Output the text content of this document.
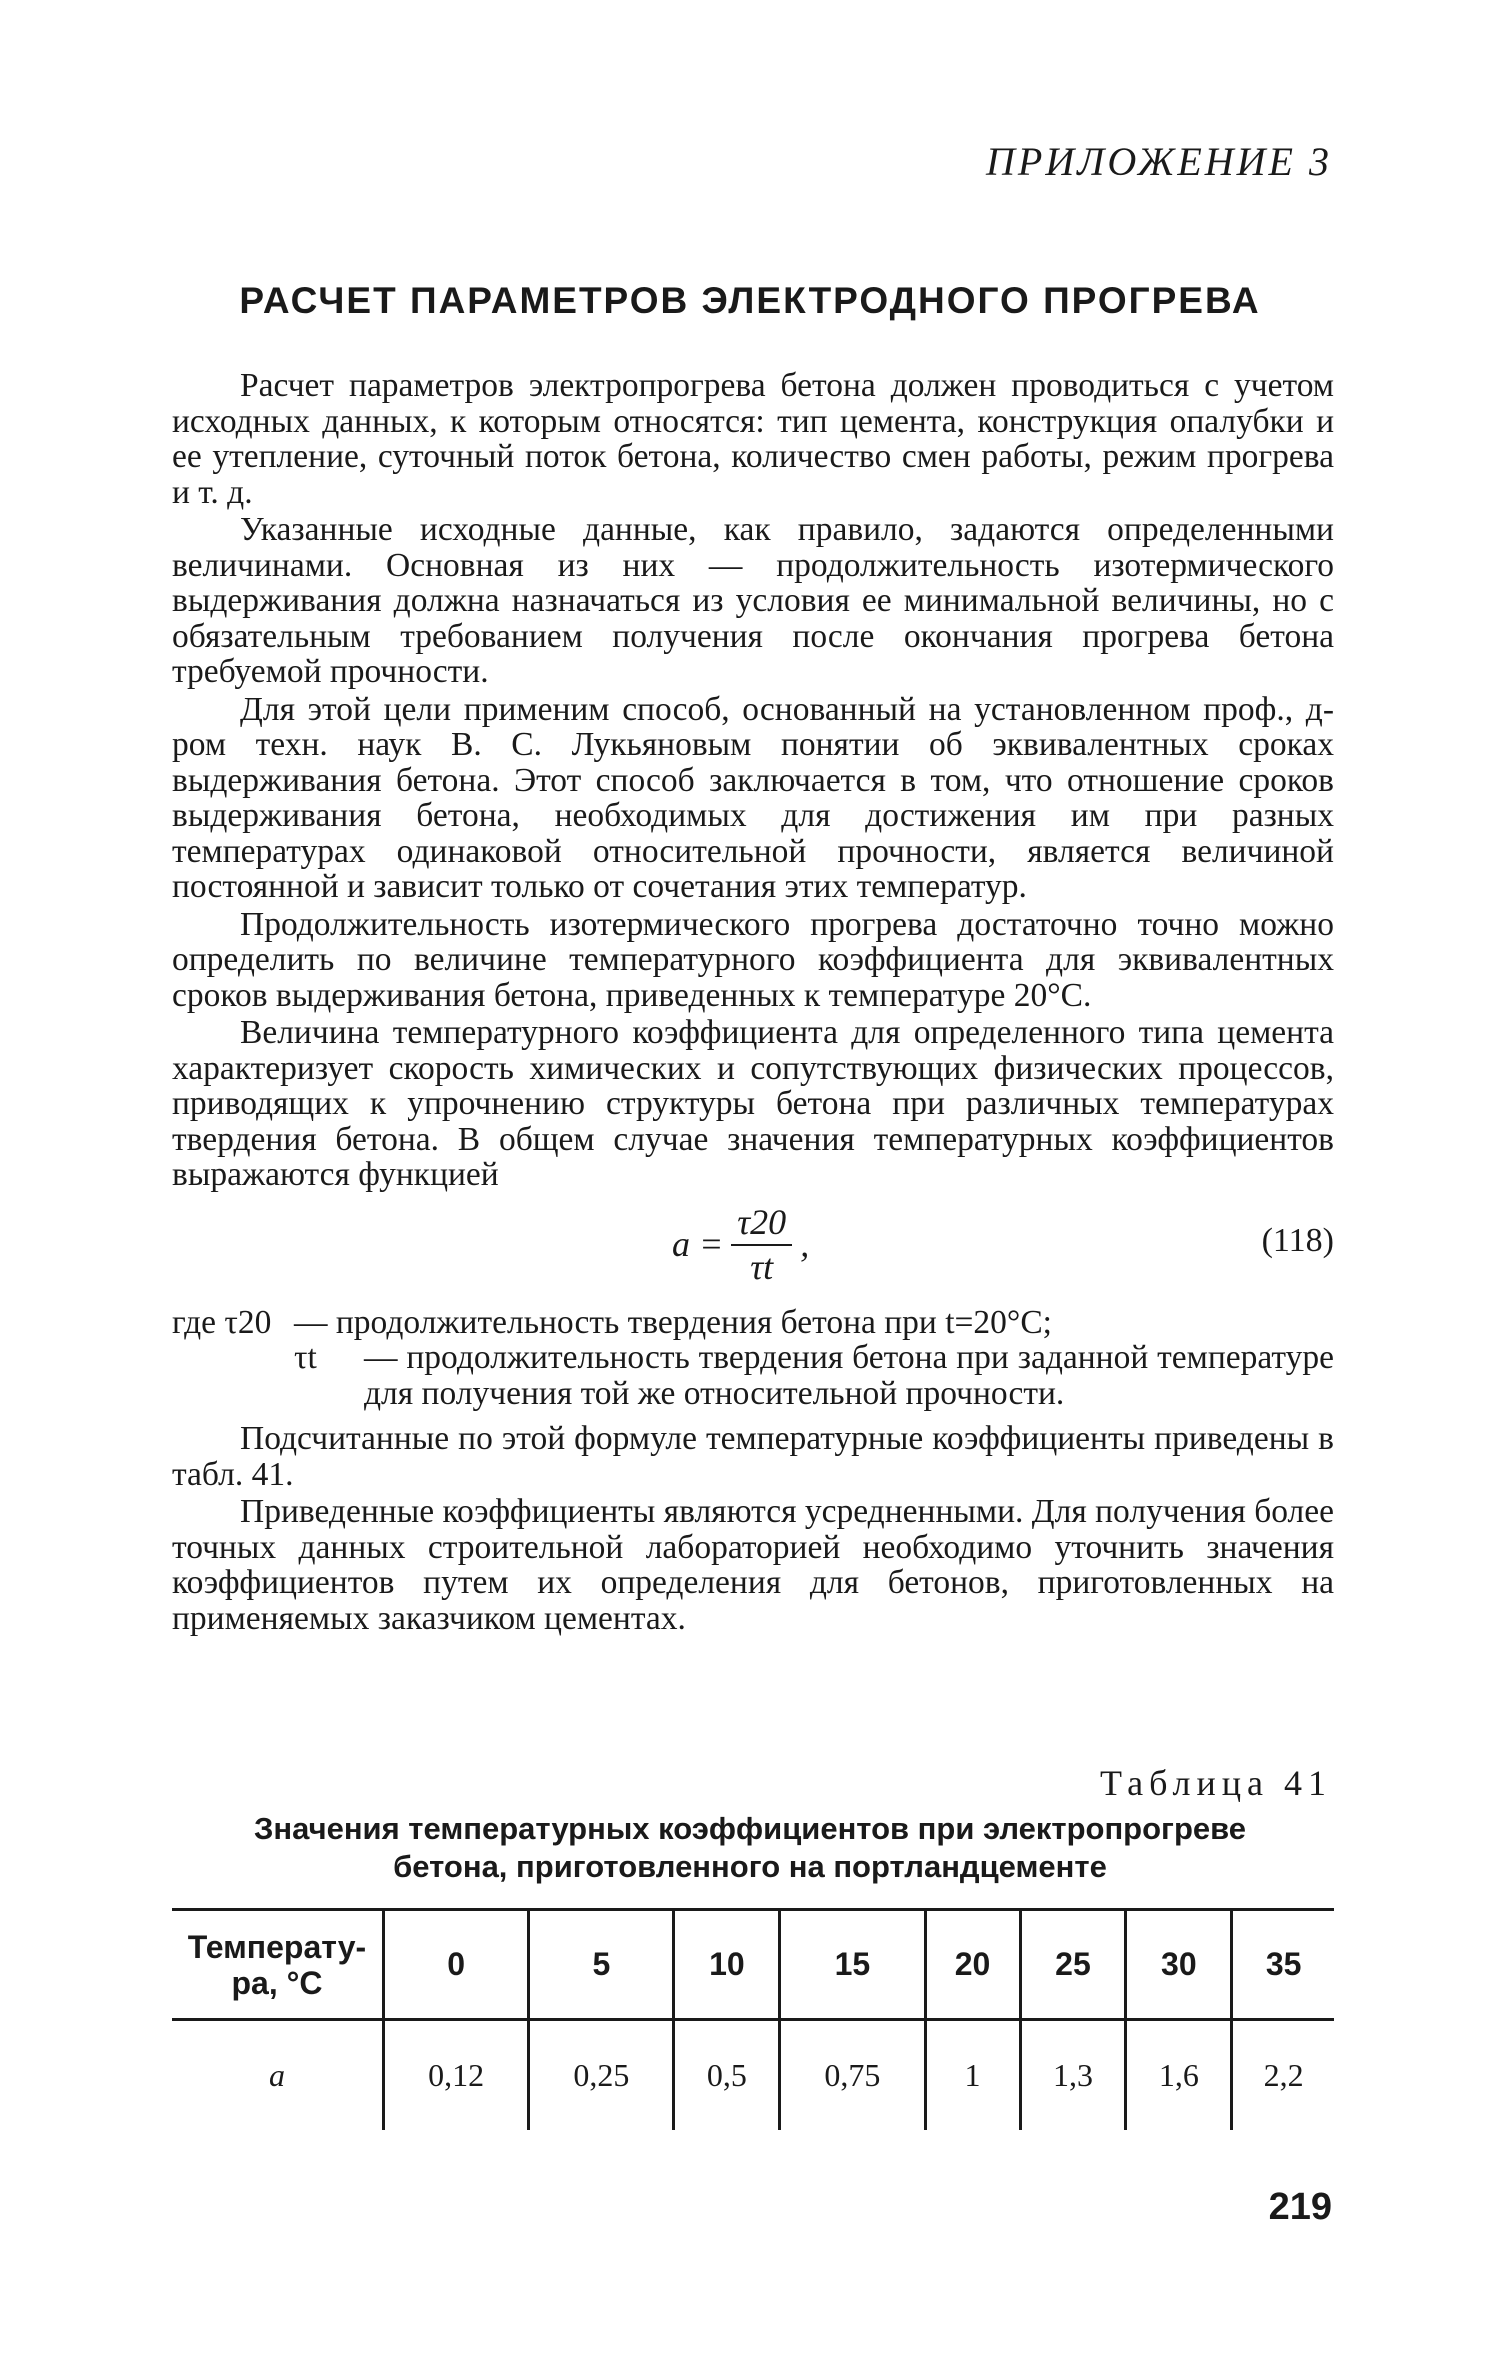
ПРИЛОЖЕНИЕ 3
РАСЧЕТ ПАРАМЕТРОВ ЭЛЕКТРОДНОГО ПРОГРЕВА

Расчет параметров электропрогрева бетона должен проводиться с учетом исходных данных, к которым относятся: тип цемента, конструкция опалубки и ее утепление, суточный поток бетона, количество смен работы, режим прогрева и т. д.

Указанные исходные данные, как правило, задаются определенными величинами. Основная из них — продолжительность изотермического выдерживания должна назначаться из условия ее минимальной величины, но с обязательным требованием получения после окончания прогрева бетона требуемой прочности.

Для этой цели применим способ, основанный на установленном проф., д-ром техн. наук В. С. Лукьяновым понятии об эквивалентных сроках выдерживания бетона. Этот способ заключается в том, что отношение сроков выдерживания бетона, необходимых для достижения им при разных температурах одинаковой относительной прочности, является величиной постоянной и зависит только от сочетания этих температур.

Продолжительность изотермического прогрева достаточно точно можно определить по величине температурного коэффициента для эквивалентных сроков выдерживания бетона, приведенных к температуре 20°C.

Величина температурного коэффициента для определенного типа цемента характеризует скорость химических и сопутствующих физических процессов, приводящих к упрочнению структуры бетона при различных температурах твердения бетона. В общем случае значения температурных коэффициентов выражаются функцией

$a = \frac{\tau 20}{\tau t}$ ,	(118)
где τ20 — продолжительность твердения бетона при t=20°C;
τt	— продолжительность твердения бетона при заданной температуре для получения той же относительной прочности.

Подсчитанные по этой формуле температурные коэффициенты приведены в табл. 41.

Приведенные коэффициенты являются усредненными. Для получения более точных данных строительной лабораторией необходимо уточнить значения коэффициентов путем их определения для бетонов, приготовленных на применяемых заказчиком цементах.

Таблица 41
Значения температурных коэффициентов при электропрогреве
бетона, приготовленного на портландцементе
Температу-
ра, °C	0	5	10	15	20	25	30	35
a	0,12	0,25	0,5	0,75	1	1,3	1,6	2,2
219
